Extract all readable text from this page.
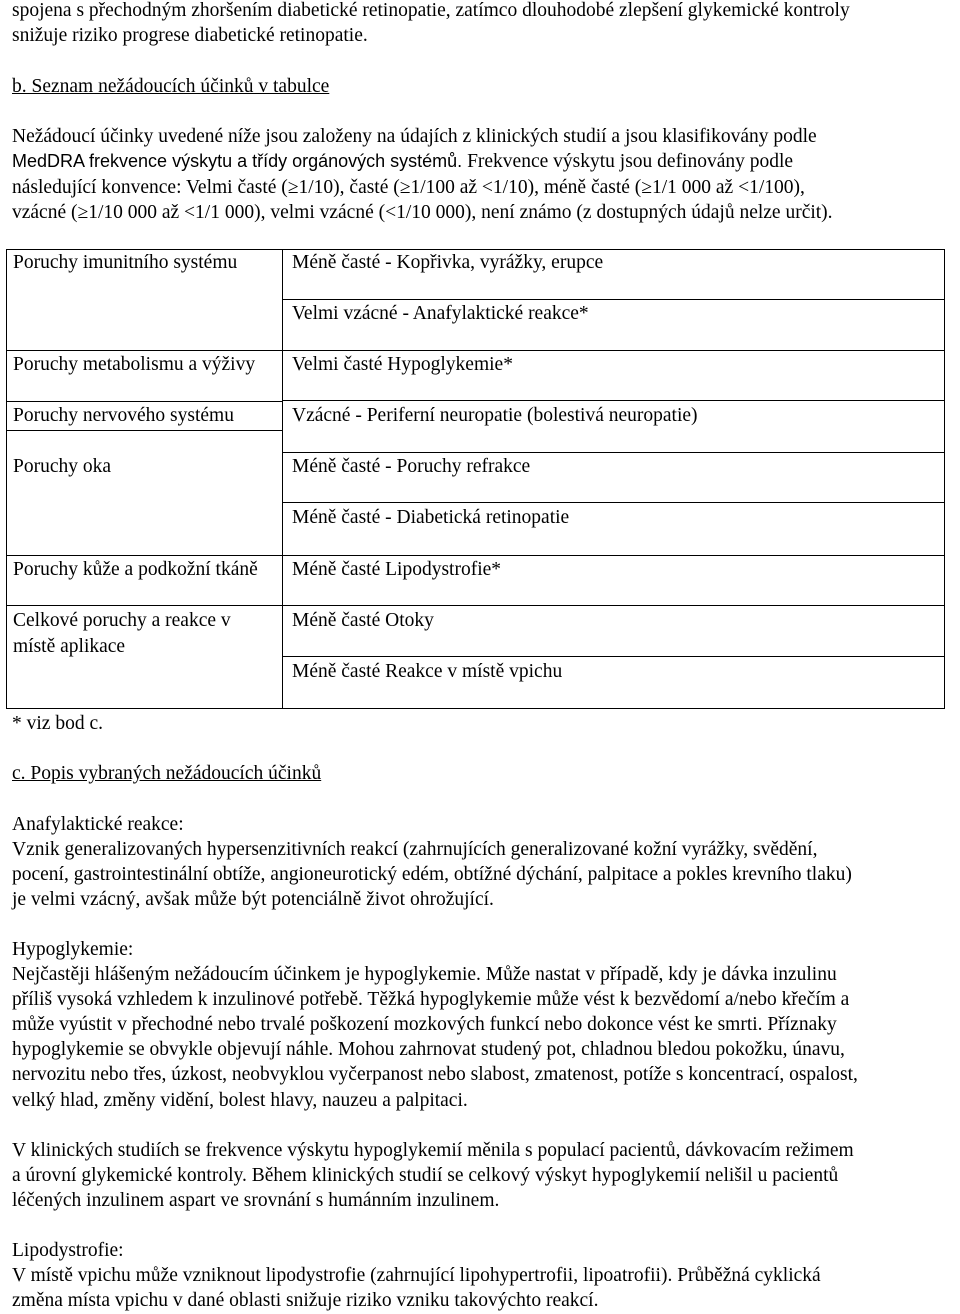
spojena s přechodným zhoršením diabetické retinopatie, zatímco dlouhodobé zlepšení glykemické kontroly

snižuje riziko progrese diabetické retinopatie.

b. Seznam nežádoucích účinků v tabulce

Nežádoucí účinky uvedené níže jsou založeny na údajích z klinických studií a jsou klasifikovány podle

MedDRA frekvence výskytu a třídy orgánových systémů. Frekvence výskytu jsou definovány podle

následující konvence: Velmi časté (≥1/10), časté (≥1/100 až <1/10), méně časté (≥1/1 000 až <1/100),

vzácné (≥1/10 000 až <1/1 000), velmi vzácné (<1/10 000), není známo (z dostupných údajů nelze určit).

Poruchy imunitního systému
Poruchy metabolismu a výživy
Poruchy nervového systému
Poruchy oka
Poruchy kůže a podkožní tkáně
Celkové poruchy a reakce v místě aplikace
Méně časté - Kopřivka, vyrážky, erupce
Velmi vzácné - Anafylaktické reakce*
Velmi časté Hypoglykemie*
Vzácné - Periferní neuropatie (bolestivá neuropatie)
Méně časté - Poruchy refrakce
Méně časté - Diabetická retinopatie
Méně časté Lipodystrofie*
Méně časté Otoky
Méně časté Reakce v místě vpichu

* viz bod c.

c. Popis vybraných nežádoucích účinků

Anafylaktické reakce:

Vznik generalizovaných hypersenzitivních reakcí (zahrnujících generalizované kožní vyrážky, svědění,

pocení, gastrointestinální obtíže, angioneurotický edém, obtížné dýchání, palpitace a pokles krevního tlaku)

je velmi vzácný, avšak může být potenciálně život ohrožující.

Hypoglykemie:

Nejčastěji hlášeným nežádoucím účinkem je hypoglykemie. Může nastat v případě, kdy je dávka inzulinu

příliš vysoká vzhledem k inzulinové potřebě. Těžká hypoglykemie může vést k bezvědomí a/nebo křečím a

může vyústit v přechodné nebo trvalé poškození mozkových funkcí nebo dokonce vést ke smrti. Příznaky

hypoglykemie se obvykle objevují náhle. Mohou zahrnovat studený pot, chladnou bledou pokožku, únavu,

nervozitu nebo třes, úzkost, neobvyklou vyčerpanost nebo slabost, zmatenost, potíže s koncentrací, ospalost,

velký hlad, změny vidění, bolest hlavy, nauzeu a palpitaci.

V klinických studiích se frekvence výskytu hypoglykemií měnila s populací pacientů, dávkovacím režimem

a úrovní glykemické kontroly. Během klinických studií se celkový výskyt hypoglykemií nelišil u pacientů

léčených inzulinem aspart ve srovnání s humánním inzulinem.

Lipodystrofie:

V místě vpichu může vzniknout lipodystrofie (zahrnující lipohypertrofii, lipoatrofii). Průběžná cyklická

změna místa vpichu v dané oblasti snižuje riziko vzniku takovýchto reakcí.
